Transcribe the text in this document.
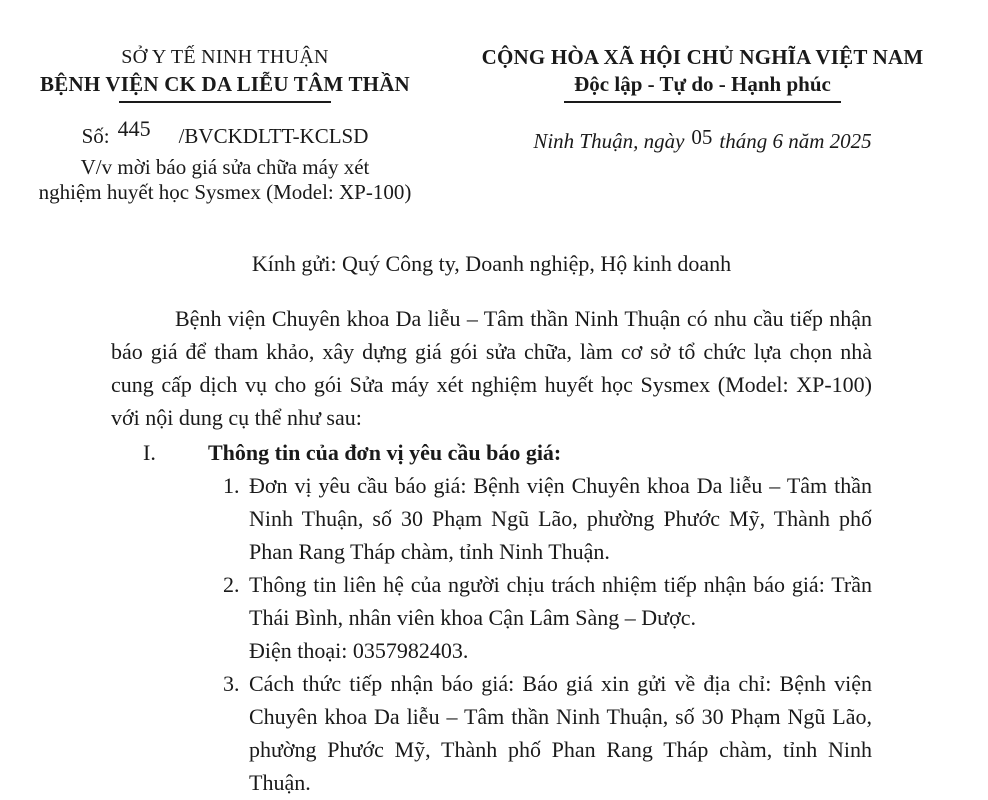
SỞ Y TẾ NINH THUẬN
BỆNH VIỆN CK DA LIỄU TÂM THẦN
Số: 445 /BVCKDLTT-KCLSD
V/v mời báo giá sửa chữa máy xét
nghiệm huyết học Sysmex (Model: XP-100)
CỘNG HÒA XÃ HỘI CHỦ NGHĨA VIỆT NAM
Độc lập - Tự do - Hạnh phúc
Ninh Thuận, ngày 05 tháng 6 năm 2025
Kính gửi: Quý Công ty, Doanh nghiệp, Hộ kinh doanh
Bệnh viện Chuyên khoa Da liễu – Tâm thần Ninh Thuận có nhu cầu tiếp nhận báo giá để tham khảo, xây dựng giá gói sửa chữa, làm cơ sở tổ chức lựa chọn nhà cung cấp dịch vụ cho gói Sửa máy xét nghiệm huyết học Sysmex (Model: XP-100) với nội dung cụ thể như sau:
I. Thông tin của đơn vị yêu cầu báo giá:
1. Đơn vị yêu cầu báo giá: Bệnh viện Chuyên khoa Da liễu – Tâm thần Ninh Thuận, số 30 Phạm Ngũ Lão, phường Phước Mỹ, Thành phố Phan Rang Tháp chàm, tỉnh Ninh Thuận.
2. Thông tin liên hệ của người chịu trách nhiệm tiếp nhận báo giá: Trần Thái Bình, nhân viên khoa Cận Lâm Sàng – Dược.
Điện thoại: 0357982403.
3. Cách thức tiếp nhận báo giá: Báo giá xin gửi về địa chỉ: Bệnh viện Chuyên khoa Da liễu – Tâm thần Ninh Thuận, số 30 Phạm Ngũ Lão, phường Phước Mỹ, Thành phố Phan Rang Tháp chàm, tỉnh Ninh Thuận.
